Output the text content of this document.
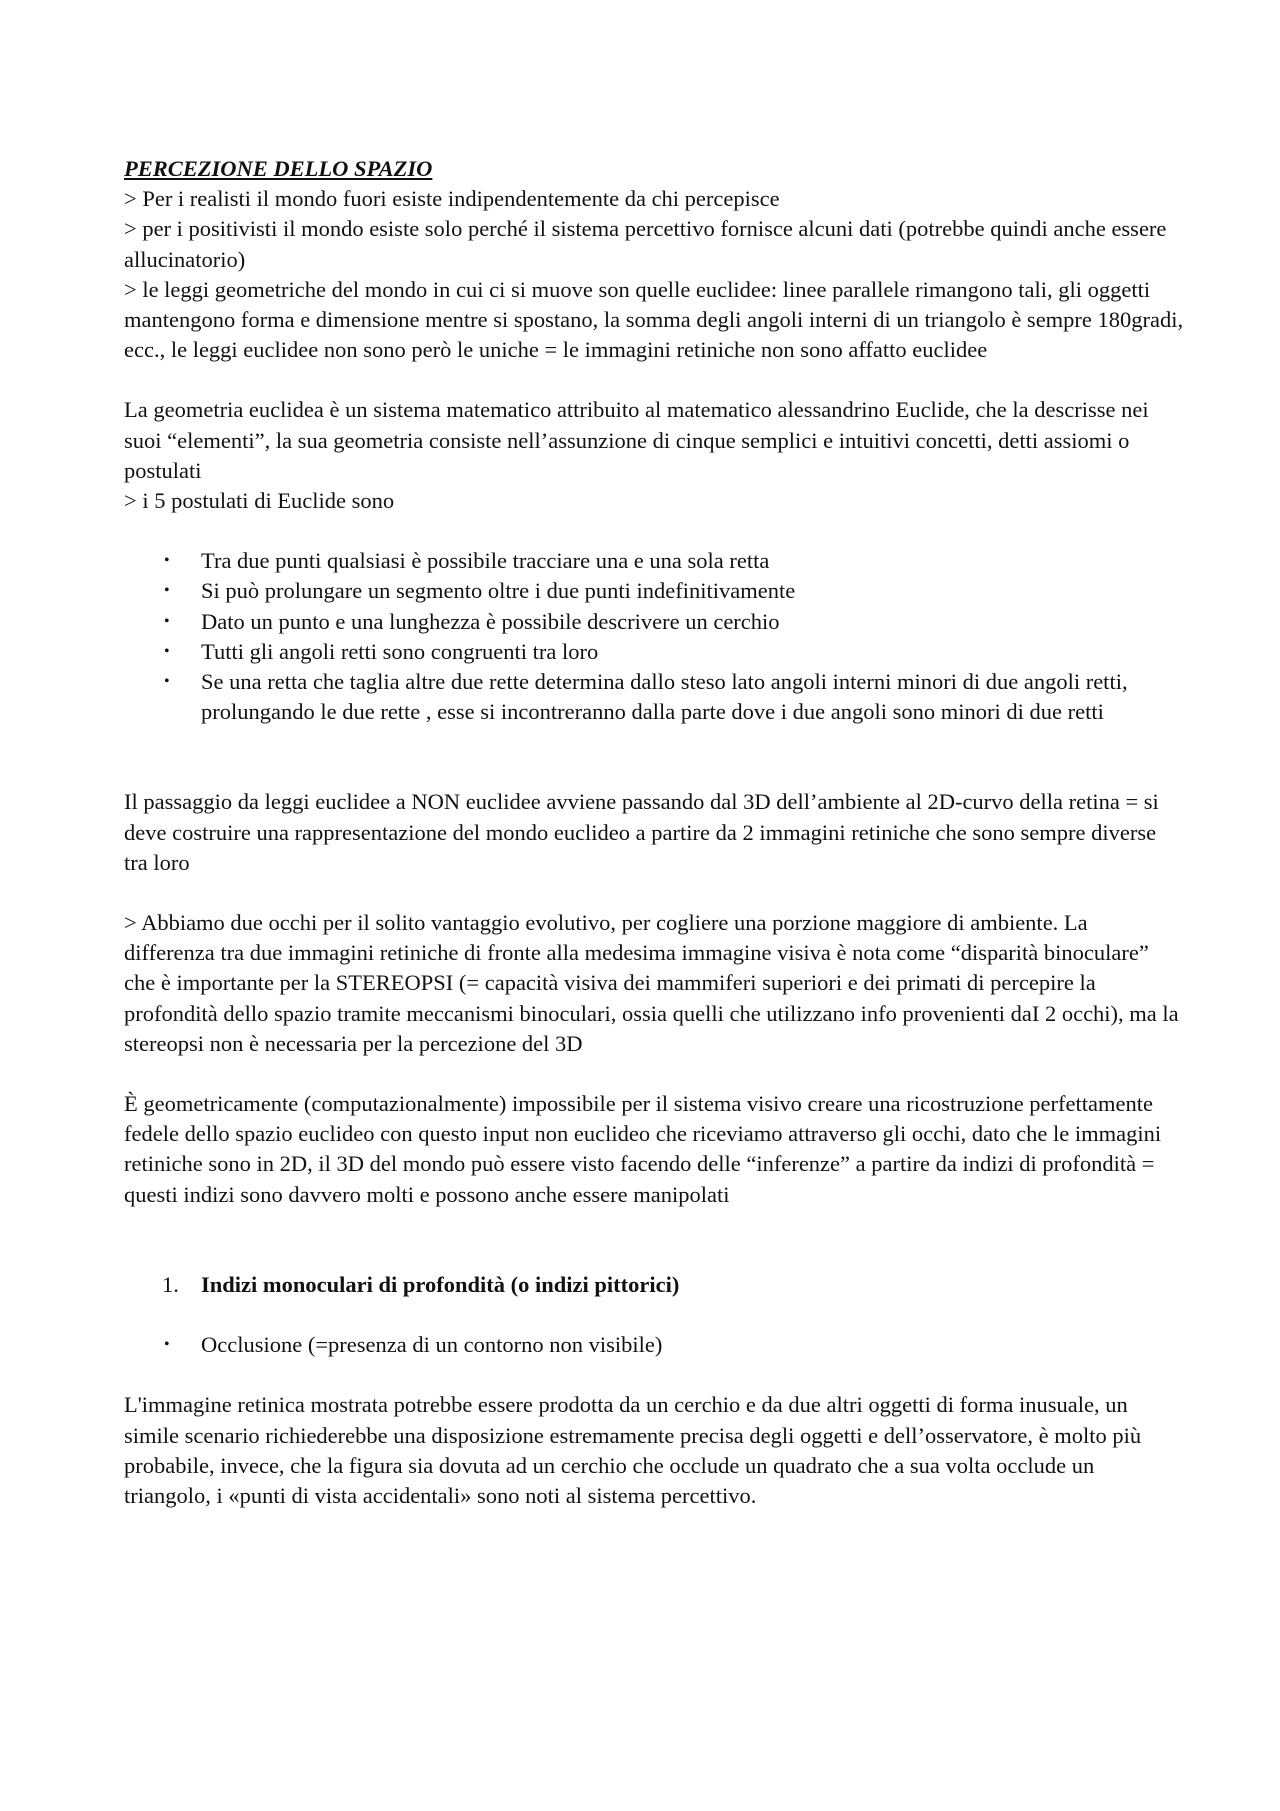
PERCEZIONE DELLO SPAZIO

> Per i realisti il mondo fuori esiste indipendentemente da chi percepisce

> per i positivisti il mondo esiste solo perché il sistema percettivo fornisce alcuni dati (potrebbe quindi anche essere allucinatorio)

> le leggi geometriche del mondo in cui ci si muove son quelle euclidee: linee parallele rimangono tali, gli oggetti mantengono forma e dimensione mentre si spostano, la somma degli angoli interni di un triangolo è sempre 180gradi, ecc., le leggi euclidee non sono però le uniche = le immagini retiniche non sono affatto euclidee

La geometria euclidea è un sistema matematico attribuito al matematico alessandrino Euclide, che la descrisse nei suoi “elementi”, la sua geometria consiste nell’assunzione di cinque semplici e intuitivi concetti, detti assiomi o postulati

> i 5 postulati di Euclide sono

• Tra due punti qualsiasi è possibile tracciare una e una sola retta
• Si può prolungare un segmento oltre i due punti indefinitivamente
• Dato un punto e una lunghezza è possibile descrivere un cerchio
• Tutti gli angoli retti sono congruenti tra loro
• Se una retta che taglia altre due rette determina dallo steso lato angoli interni minori di due angoli retti, prolungando le due rette , esse si incontreranno dalla parte dove i due angoli sono minori di due retti

Il passaggio da leggi euclidee a NON euclidee avviene passando dal 3D dell’ambiente al 2D-curvo della retina = si deve costruire una rappresentazione del mondo euclideo a partire da 2 immagini retiniche che sono sempre diverse tra loro

> Abbiamo due occhi per il solito vantaggio evolutivo, per cogliere una porzione maggiore di ambiente. La differenza tra due immagini retiniche di fronte alla medesima immagine visiva è nota come “disparità binoculare” che è importante per la STEREOPSI (= capacità visiva dei mammiferi superiori e dei primati di percepire la profondità dello spazio tramite meccanismi binoculari, ossia quelli che utilizzano info provenienti daI 2 occhi), ma la stereopsi non è necessaria per la percezione del 3D

È geometricamente (computazionalmente) impossibile per il sistema visivo creare una ricostruzione perfettamente fedele dello spazio euclideo con questo input non euclideo che riceviamo attraverso gli occhi, dato che le immagini retiniche sono in 2D, il 3D del mondo può essere visto facendo delle “inferenze” a partire da indizi di profondità = questi indizi sono davvero molti e possono anche essere manipolati

1. Indizi monoculari di profondità (o indizi pittorici)

• Occlusione (=presenza di un contorno non visibile)

L'immagine retinica mostrata potrebbe essere prodotta da un cerchio e da due altri oggetti di forma inusuale, un simile scenario richiederebbe una disposizione estremamente precisa degli oggetti e dell’osservatore, è molto più probabile, invece, che la figura sia dovuta ad un cerchio che occlude un quadrato che a sua volta occlude un triangolo, i «punti di vista accidentali» sono noti al sistema percettivo.
